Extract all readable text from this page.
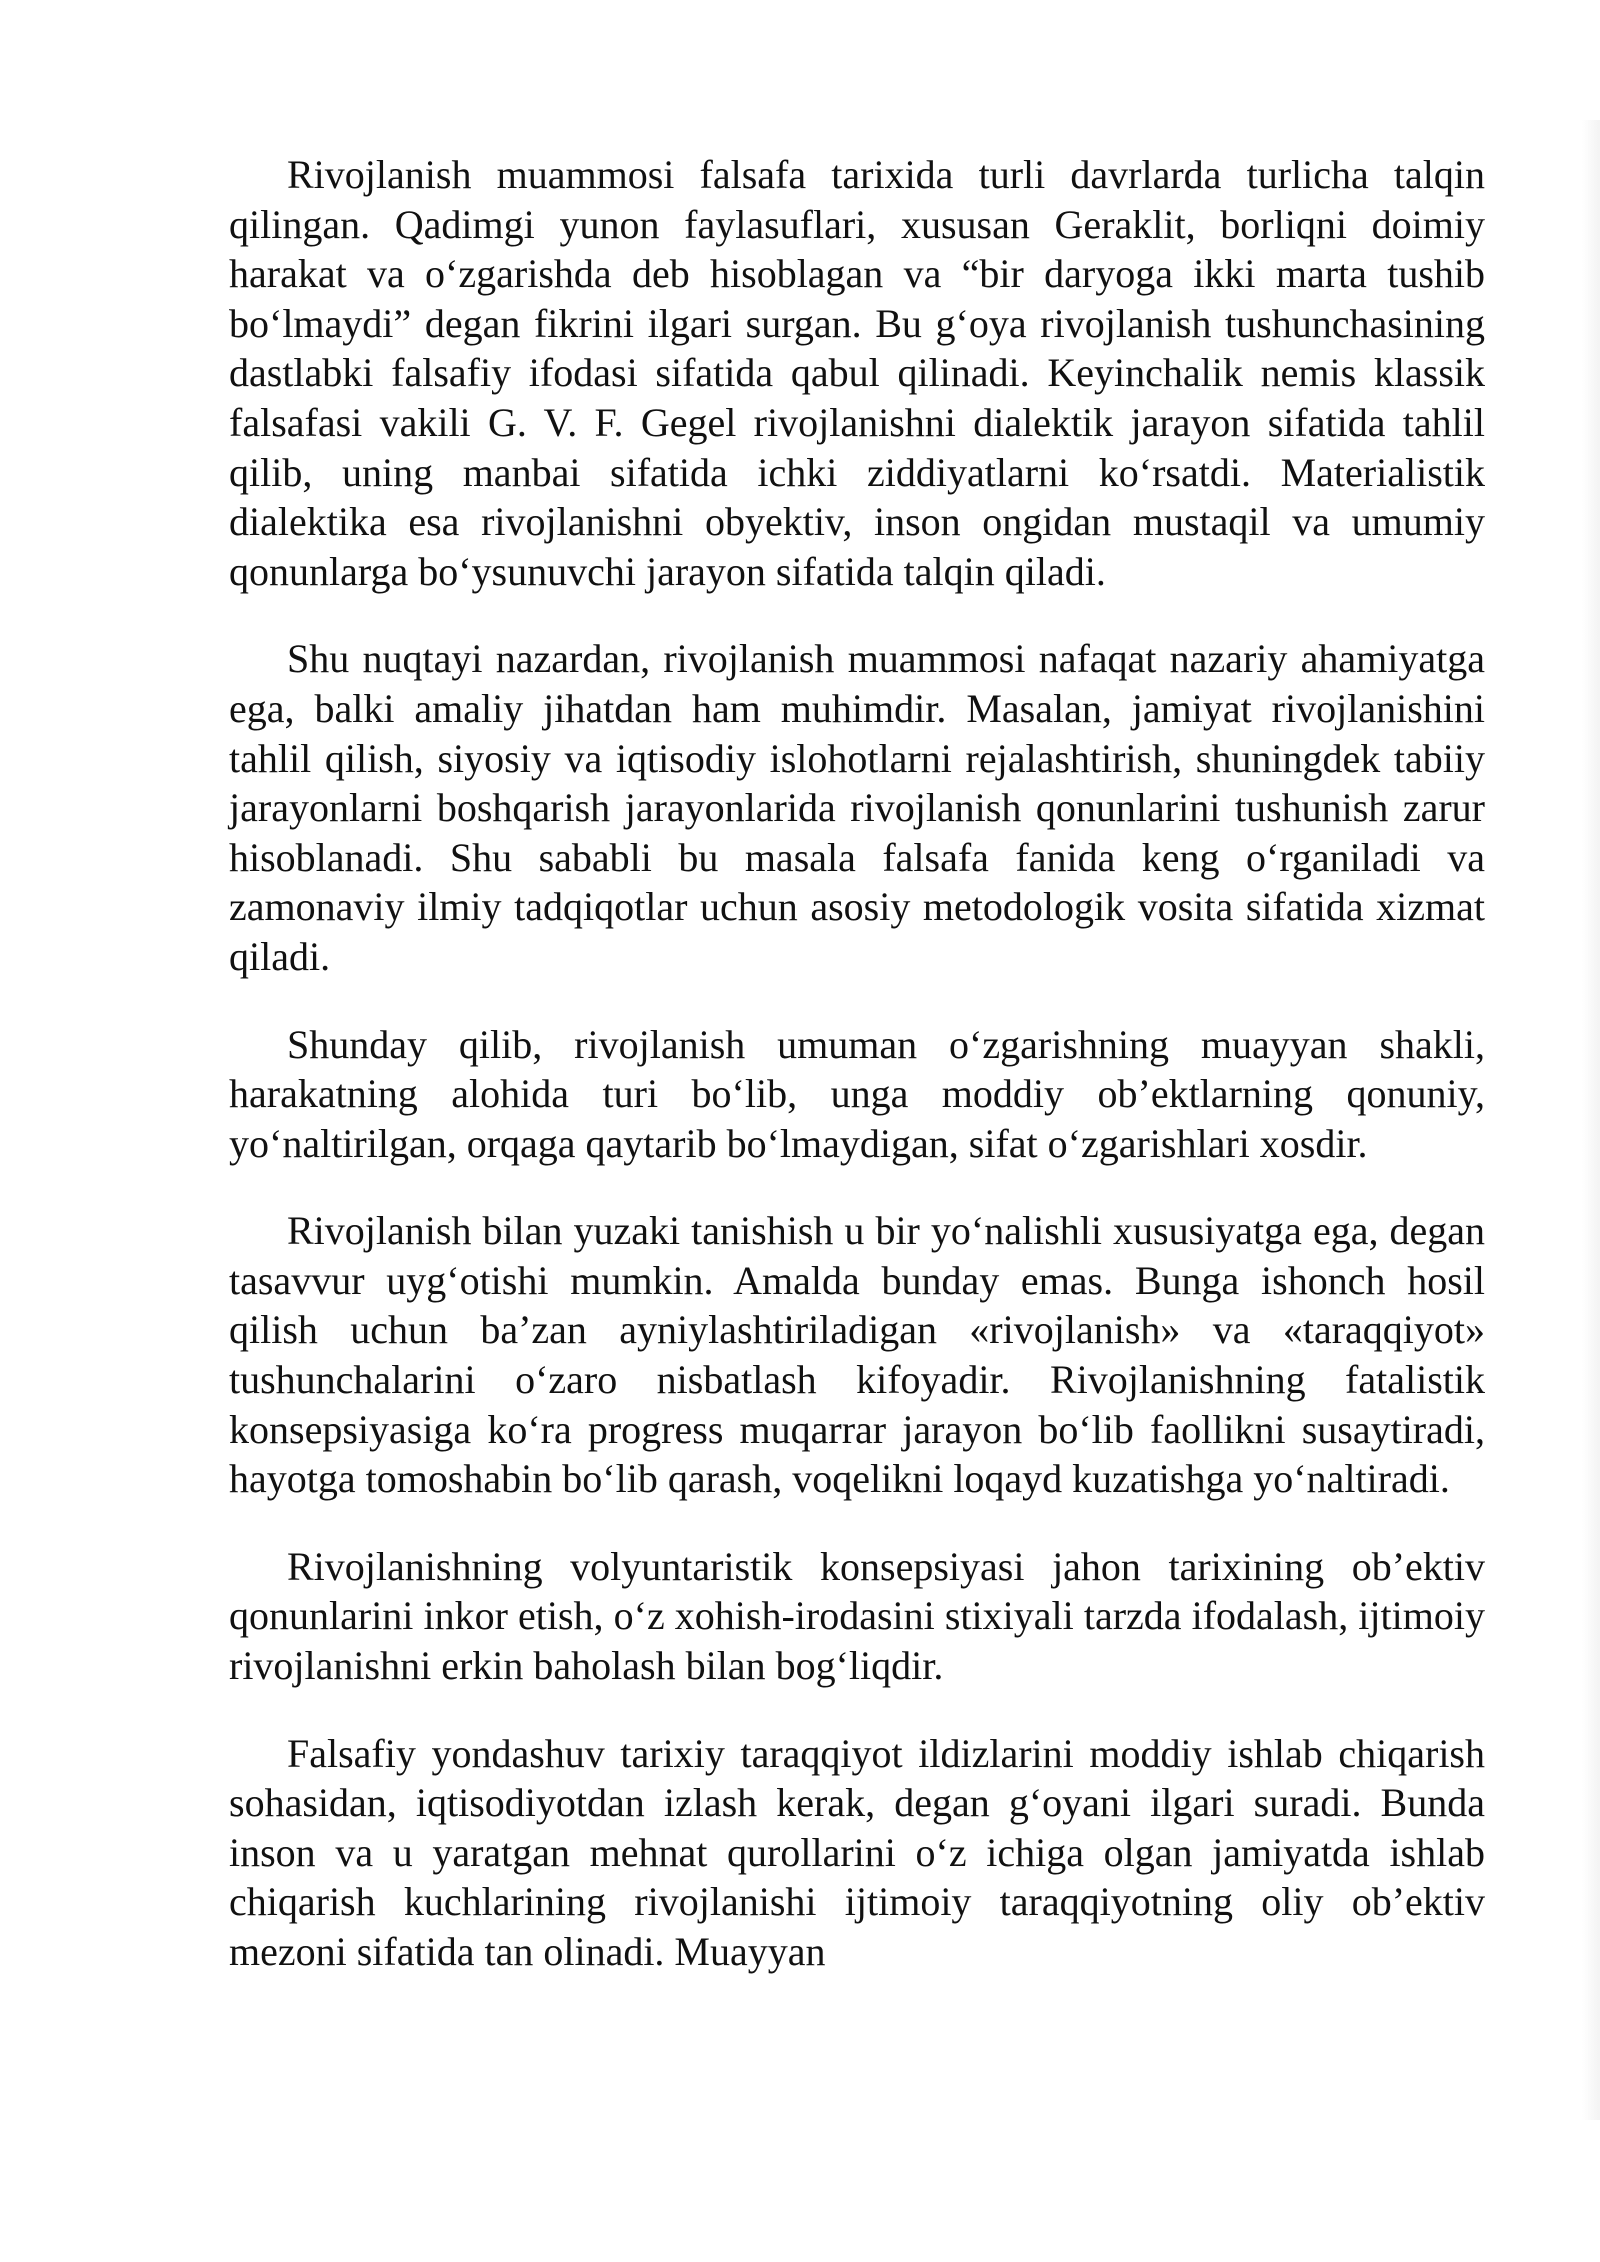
Rivojlanish muammosi falsafa tarixida turli davrlarda turlicha talqin qilingan. Qadimgi yunon faylasuflari, xususan Geraklit, borliqni doimiy harakat va o‘zgarishda deb hisoblagan va “bir daryoga ikki marta tushib bo‘lmaydi” degan fikrini ilgari surgan. Bu g‘oya rivojlanish tushunchasining dastlabki falsafiy ifodasi sifatida qabul qilinadi. Keyinchalik nemis klassik falsafasi vakili G. V. F. Gegel rivojlanishni dialektik jarayon sifatida tahlil qilib, uning manbai sifatida ichki ziddiyatlarni ko‘rsatdi. Materialistik dialektika esa rivojlanishni obyektiv, inson ongidan mustaqil va umumiy qonunlarga bo‘ysunuvchi jarayon sifatida talqin qiladi.

Shu nuqtayi nazardan, rivojlanish muammosi nafaqat nazariy ahamiyatga ega, balki amaliy jihatdan ham muhimdir. Masalan, jamiyat rivojlanishini tahlil qilish, siyosiy va iqtisodiy islohotlarni rejalashtirish, shuningdek tabiiy jarayonlarni boshqarish jarayonlarida rivojlanish qonunlarini tushunish zarur hisoblanadi. Shu sababli bu masala falsafa fanida keng o‘rganiladi va zamonaviy ilmiy tadqiqotlar uchun asosiy metodologik vosita sifatida xizmat qiladi.

Shunday qilib, rivojlanish umuman o‘zgarishning muayyan shakli, harakatning alohida turi bo‘lib, unga moddiy ob’ektlarning qonuniy, yo‘naltirilgan, orqaga qaytarib bo‘lmaydigan, sifat o‘zgarishlari xosdir.

Rivojlanish bilan yuzaki tanishish u bir yo‘nalishli xususiyatga ega, degan tasavvur uyg‘otishi mumkin. Amalda bunday emas. Bunga ishonch hosil qilish uchun ba’zan ayniylashtiriladigan «rivojlanish» va «taraqqiyot» tushunchalarini o‘zaro nisbatlash kifoyadir. Rivojlanishning fatalistik konsepsiyasiga ko‘ra progress muqarrar jarayon bo‘lib faollikni susaytiradi, hayotga tomoshabin bo‘lib qarash, voqelikni loqayd kuzatishga yo‘naltiradi.

Rivojlanishning volyuntaristik konsepsiyasi jahon tarixining ob’ektiv qonunlarini inkor etish, o‘z xohish-irodasini stixiyali tarzda ifodalash, ijtimoiy rivojlanishni erkin baholash bilan bog‘liqdir.

Falsafiy yondashuv tarixiy taraqqiyot ildizlarini moddiy ishlab chiqarish sohasidan, iqtisodiyotdan izlash kerak, degan g‘oyani ilgari suradi. Bunda inson va u yaratgan mehnat qurollarini o‘z ichiga olgan jamiyatda ishlab chiqarish kuchlarining rivojlanishi ijtimoiy taraqqiyotning oliy ob’ektiv mezoni sifatida tan olinadi. Muayyan
